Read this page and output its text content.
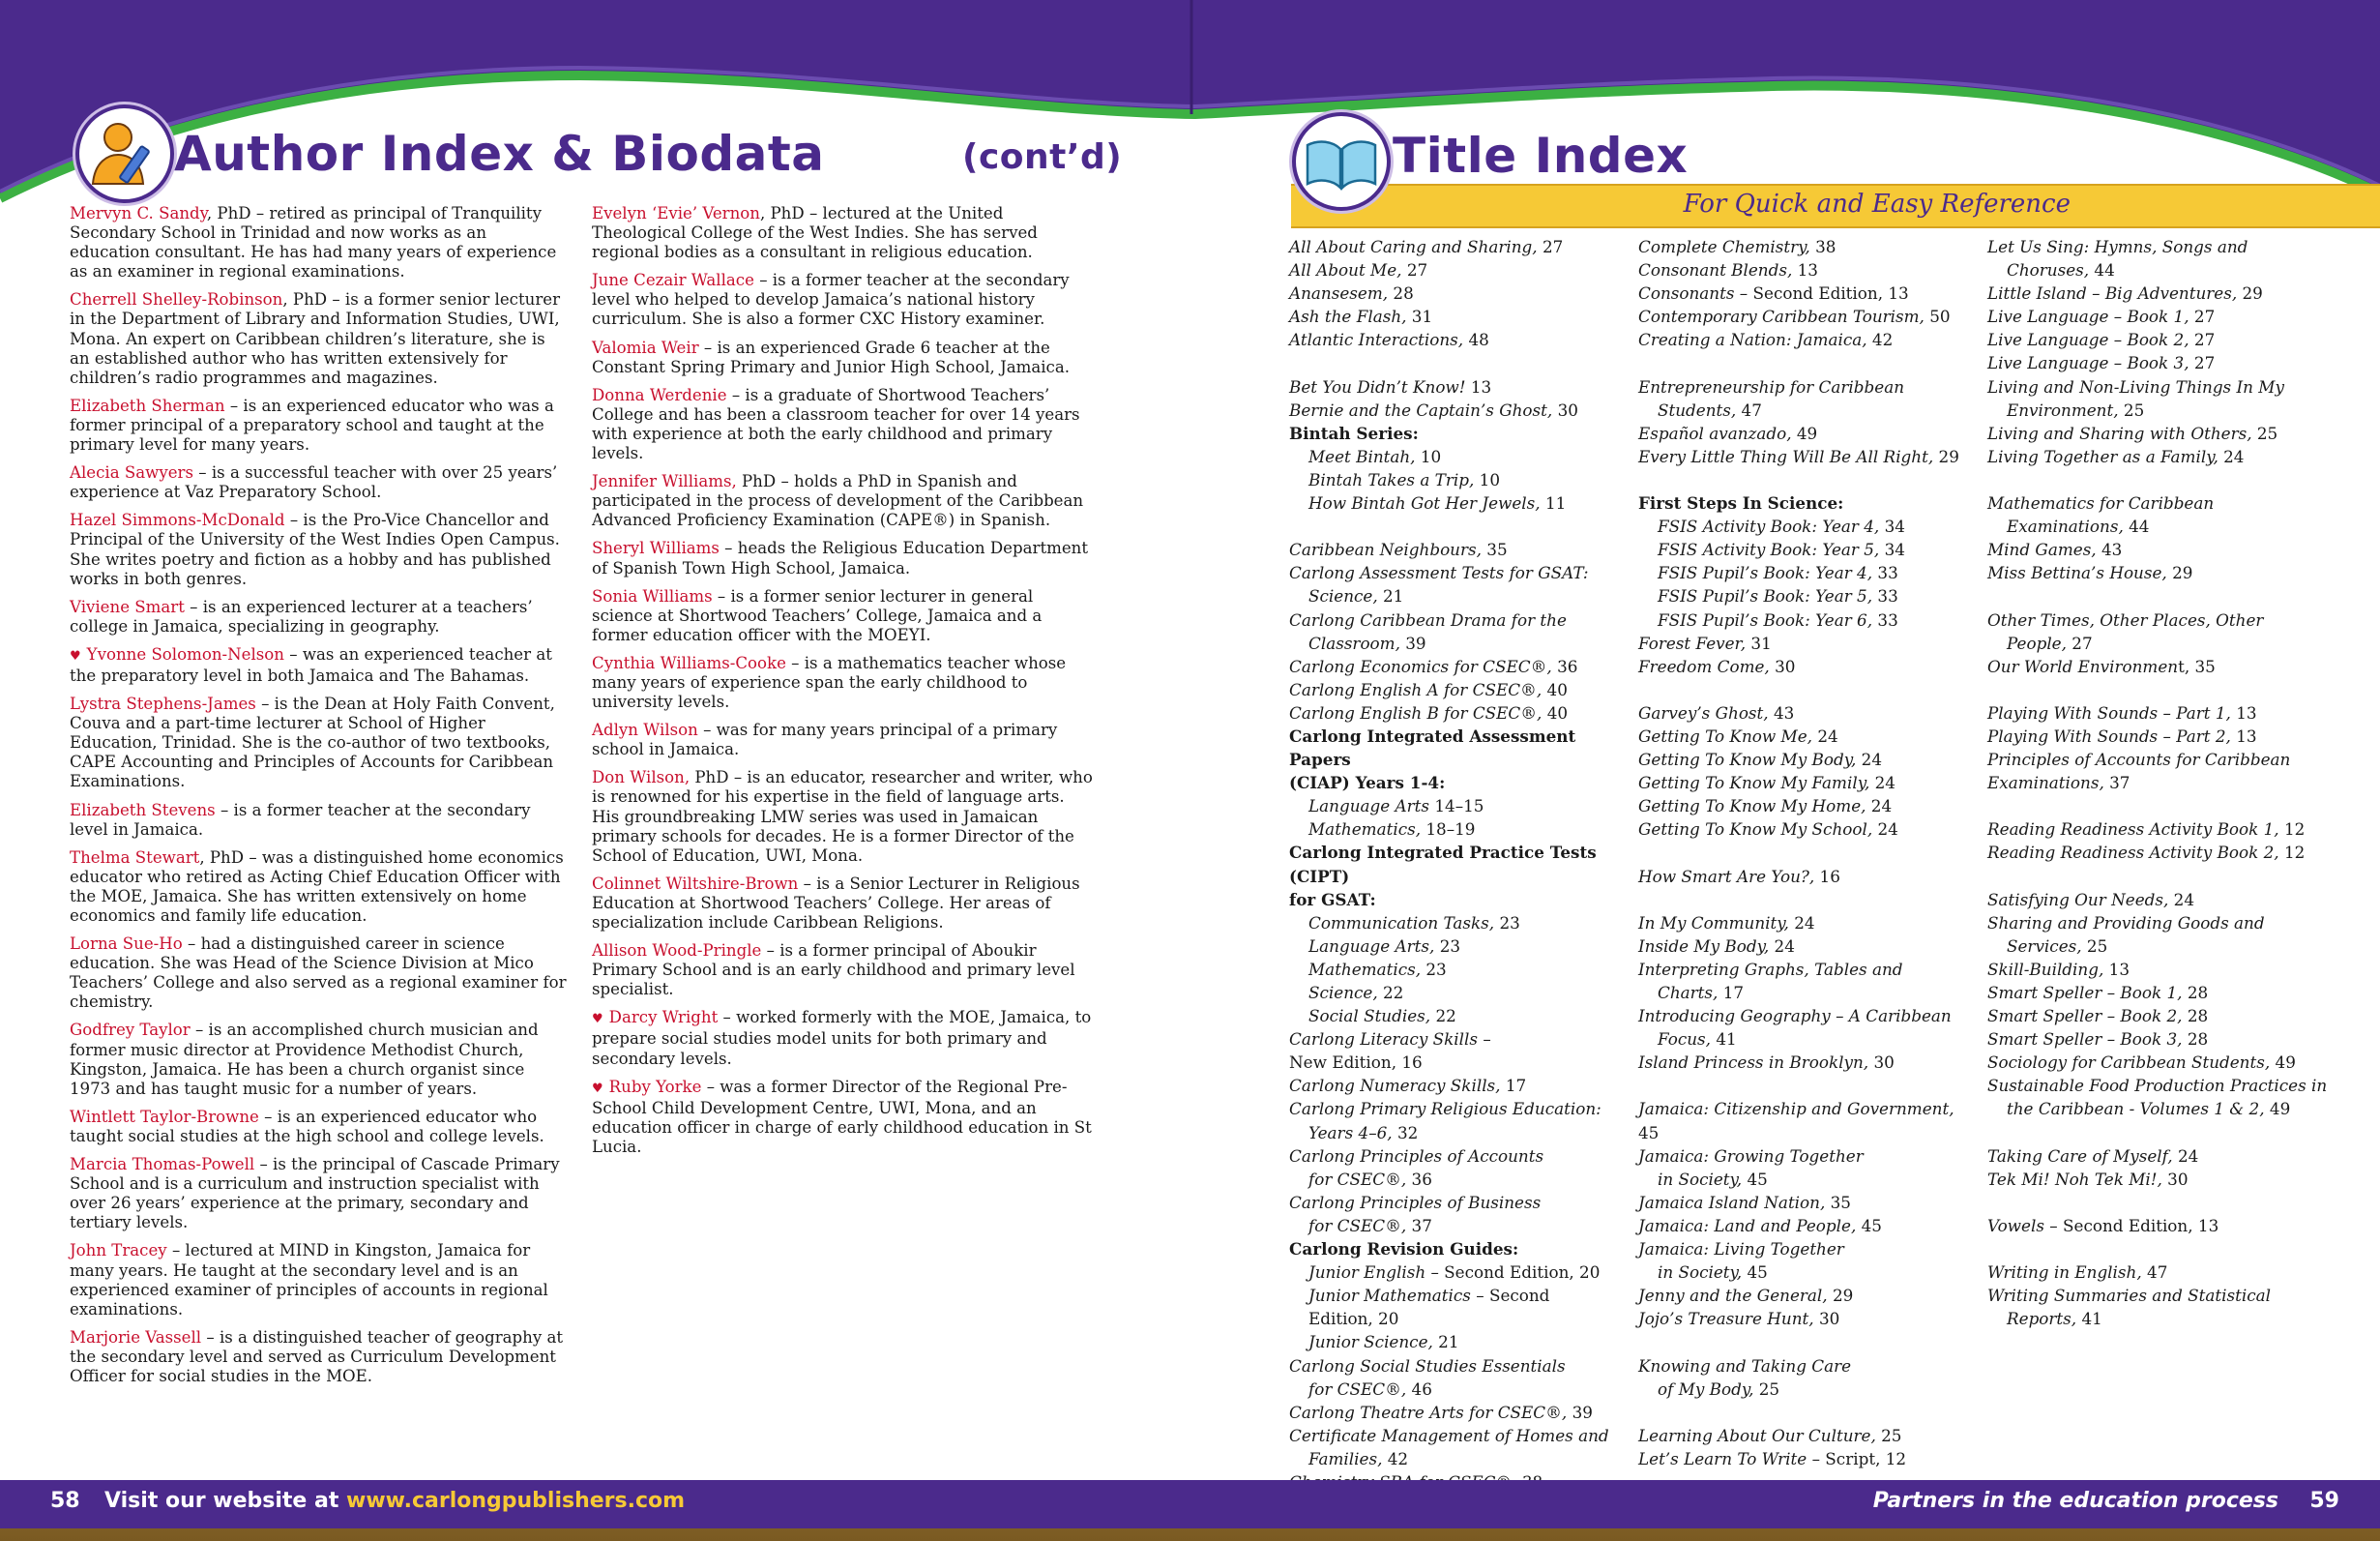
Author Index & Biodata	(cont’d)
For Quick and Easy Reference
Title Index
Mervyn C. Sandy, PhD – retired as principal of Tranquility Secondary School in Trinidad and now works as an education consultant. He has had many years of experience as an examiner in regional examinations.
Cherrell Shelley-Robinson, PhD – is a former senior lecturer in the Department of Library and Information Studies, UWI, Mona. An expert on Caribbean children’s literature, she is an established author who has written extensively for children’s radio programmes and magazines.
Elizabeth Sherman – is an experienced educator who was a former principal of a preparatory school and taught at the primary level for many years.
Alecia Sawyers – is a successful teacher with over 25 years’ experience at Vaz Preparatory School.
Hazel Simmons-McDonald – is the Pro-Vice Chancellor and Principal of the University of the West Indies Open Campus. She writes poetry and fiction as a hobby and has published works in both genres.
Viviene Smart – is an experienced lecturer at a teachers’ college in Jamaica, specializing in geography.
♥ Yvonne Solomon-Nelson – was an experienced teacher at the preparatory level in both Jamaica and The Bahamas.
Lystra Stephens-James – is the Dean at Holy Faith Convent, Couva and a part-time lecturer at School of Higher Education, Trinidad. She is the co-author of two textbooks, CAPE Accounting and Principles of Accounts for Caribbean Examinations.
Elizabeth Stevens – is a former teacher at the secondary level in Jamaica.
Thelma Stewart, PhD – was a distinguished home economics educator who retired as Acting Chief Education Officer with the MOE, Jamaica. She has written extensively on home economics and family life education.
Lorna Sue-Ho – had a distinguished career in science education. She was Head of the Science Division at Mico Teachers’ College and also served as a regional examiner for chemistry.
Godfrey Taylor – is an accomplished church musician and former music director at Providence Methodist Church, Kingston, Jamaica. He has been a church organist since 1973 and has taught music for a number of years.
Wintlett Taylor-Browne – is an experienced educator who taught social studies at the high school and college levels.
Marcia Thomas-Powell – is the principal of Cascade Primary School and is a curriculum and instruction specialist with over 26 years’ experience at the primary, secondary and tertiary levels.
John Tracey – lectured at MIND in Kingston, Jamaica for many years. He taught at the secondary level and is an experienced examiner of principles of accounts in regional examinations.
Marjorie Vassell – is a distinguished teacher of geography at the secondary level and served as Curriculum Development Officer for social studies in the MOE.
Evelyn ‘Evie’ Vernon, PhD – lectured at the United Theological College of the West Indies. She has served regional bodies as a consultant in religious education.
June Cezair Wallace – is a former teacher at the secondary level who helped to develop Jamaica’s national history curriculum. She is also a former CXC History examiner.
Valomia Weir – is an experienced Grade 6 teacher at the Constant Spring Primary and Junior High School, Jamaica.
Donna Werdenie – is a graduate of Shortwood Teachers’ College and has been a classroom teacher for over 14 years with experience at both the early childhood and primary levels.
Jennifer Williams, PhD – holds a PhD in Spanish and participated in the process of development of the Caribbean Advanced Proficiency Examination (CAPE®) in Spanish.
Sheryl Williams – heads the Religious Education Department of Spanish Town High School, Jamaica.
Sonia Williams – is a former senior lecturer in general science at Shortwood Teachers’ College, Jamaica and a former education officer with the MOEYI.
Cynthia Williams-Cooke – is a mathematics teacher whose many years of experience span the early childhood to university levels.
Adlyn Wilson – was for many years principal of a primary school in Jamaica.
Don Wilson, PhD – is an educator, researcher and writer, who is renowned for his expertise in the field of language arts. His groundbreaking LMW series was used in Jamaican primary schools for decades. He is a former Director of the School of Education, UWI, Mona.
Colinnet Wiltshire-Brown – is a Senior Lecturer in Religious Education at Shortwood Teachers’ College. Her areas of specialization include Caribbean Religions.
Allison Wood-Pringle – is a former principal of Aboukir Primary School and is an early childhood and primary level specialist.
♥ Darcy Wright – worked formerly with the MOE, Jamaica, to prepare social studies model units for both primary and secondary levels.
♥ Ruby Yorke – was a former Director of the Regional Pre-School Child Development Centre, UWI, Mona, and an education officer in charge of early childhood education in St Lucia.
All About Caring and Sharing, 27
All About Me, 27
Anansesem, 28
Ash the Flash, 31
Atlantic Interactions, 48
Bet You Didn’t Know! 13
Bernie and the Captain’s Ghost, 30
Bintah Series:
Meet Bintah, 10
Bintah Takes a Trip, 10
How Bintah Got Her Jewels, 11
Caribbean Neighbours, 35
Carlong Assessment Tests for GSAT:
Science, 21
Carlong Caribbean Drama for the
Classroom, 39
Carlong Economics for CSEC®, 36
Carlong English A for CSEC®, 40
Carlong English B for CSEC®, 40
Carlong Integrated Assessment Papers
(CIAP) Years 1-4:
Language Arts 14–15
Mathematics, 18–19
Carlong Integrated Practice Tests (CIPT)
for GSAT:
Communication Tasks, 23
Language Arts, 23
Mathematics, 23
Science, 22
Social Studies, 22
Carlong Literacy Skills –
New Edition, 16
Carlong Numeracy Skills, 17
Carlong Primary Religious Education:
Years 4–6, 32
Carlong Principles of Accounts
for CSEC®, 36
Carlong Principles of Business
for CSEC®, 37
Carlong Revision Guides:
Junior English – Second Edition, 20
Junior Mathematics – Second
Edition, 20
Junior Science, 21
Carlong Social Studies Essentials
for CSEC®, 46
Carlong Theatre Arts for CSEC®, 39
Certificate Management of Homes and
Families, 42
Complete Chemistry, 38
Consonant Blends, 13
Consonants – Second Edition, 13
Contemporary Caribbean Tourism, 50
Creating a Nation: Jamaica, 42
Entrepreneurship for Caribbean
Students, 47
Español avanzado, 49
Every Little Thing Will Be All Right, 29
First Steps In Science:
FSIS Activity Book: Year 4, 34
FSIS Activity Book: Year 5, 34
FSIS Pupil’s Book: Year 4, 33
FSIS Pupil’s Book: Year 5, 33
FSIS Pupil’s Book: Year 6, 33
Forest Fever, 31
Freedom Come, 30
Garvey’s Ghost, 43
Getting To Know Me, 24
Getting To Know My Body, 24
Getting To Know My Family, 24
Getting To Know My Home, 24
Getting To Know My School, 24
How Smart Are You?, 16
In My Community, 24
Inside My Body, 24
Interpreting Graphs, Tables and
Charts, 17
Introducing Geography – A Caribbean
Focus, 41
Island Princess in Brooklyn, 30
Jamaica: Citizenship and Government, 45
Jamaica: Growing Together
in Society, 45
Jamaica Island Nation, 35
Jamaica: Land and People, 45
Jamaica: Living Together
in Society, 45
Jenny and the General, 29
Jojo’s Treasure Hunt, 30
Knowing and Taking Care
of My Body, 25
Learning About Our Culture, 25
Let’s Learn To Write – Script, 12
Let Us Sing: Hymns, Songs and
Choruses, 44
Little Island – Big Adventures, 29
Live Language – Book 1, 27
Live Language – Book 2, 27
Live Language – Book 3, 27
Living and Non-Living Things In My
Environment, 25
Living and Sharing with Others, 25
Living Together as a Family, 24
Mathematics for Caribbean
Examinations, 44
Mind Games, 43
Miss Bettina’s House, 29
Other Times, Other Places, Other
People, 27
Our World Environment, 35
Playing With Sounds – Part 1, 13
Playing With Sounds – Part 2, 13
Principles of Accounts for Caribbean
Examinations, 37
Reading Readiness Activity Book 1, 12
Reading Readiness Activity Book 2, 12
Satisfying Our Needs, 24
Sharing and Providing Goods and
Services, 25
Skill-Building, 13
Smart Speller – Book 1, 28
Smart Speller – Book 2, 28
Smart Speller – Book 3, 28
Sociology for Caribbean Students, 49
Sustainable Food Production Practices in
the Caribbean - Volumes 1 & 2, 49
Taking Care of Myself, 24
Tek Mi! Noh Tek Mi!, 30
Vowels – Second Edition, 13
Writing in English, 47
Writing Summaries and Statistical
Reports, 41
58 Visit our website at www.carlongpublishers.com	Partners in the education process 59
